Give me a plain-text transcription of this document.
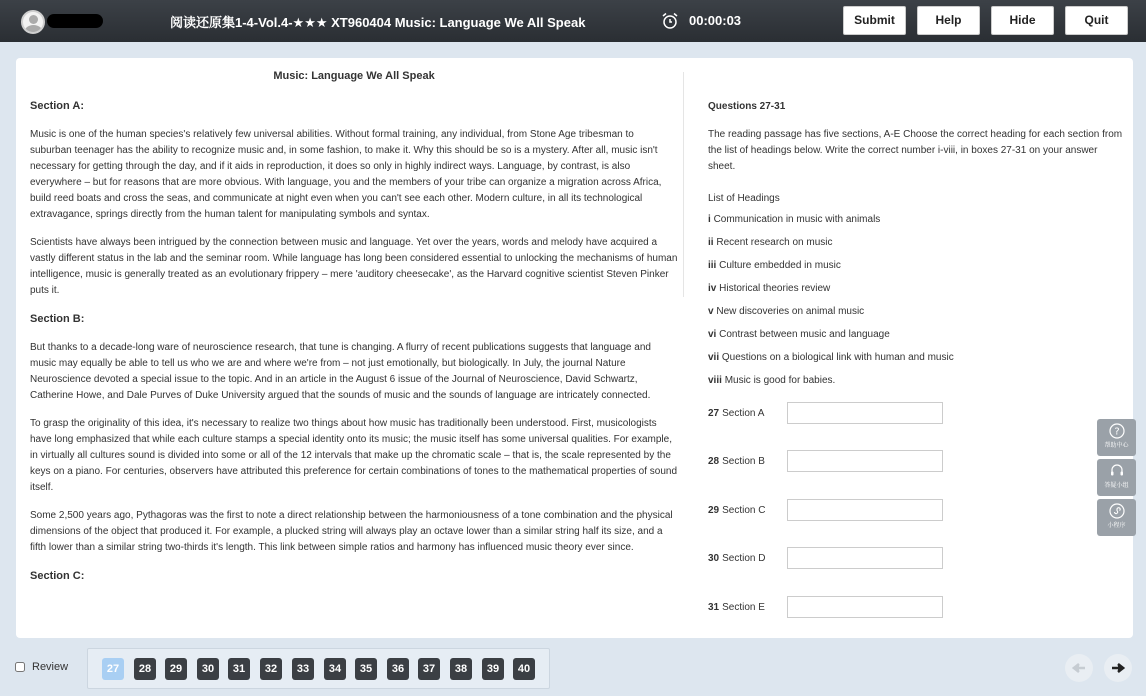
阅读还原集1-4-Vol.4-★★★ XT960404 Music: Language We All Speak	00:00:03	Submit	Help	Hide	Quit
Music: Language We All Speak
Section A:
Music is one of the human species's relatively few universal abilities. Without formal training, any individual, from Stone Age tribesman to suburban teenager has the ability to recognize music and, in some fashion, to make it. Why this should be so is a mystery. After all, music isn't necessary for getting through the day, and if it aids in reproduction, it does so only in highly indirect ways. Language, by contrast, is also everywhere – but for reasons that are more obvious. With language, you and the members of your tribe can organize a migration across Africa, build reed boats and cross the seas, and communicate at night even when you can't see each other. Modern culture, in all its technological extravagance, springs directly from the human talent for manipulating symbols and syntax.
Scientists have always been intrigued by the connection between music and language. Yet over the years, words and melody have acquired a vastly different status in the lab and the seminar room. While language has long been considered essential to unlocking the mechanisms of human intelligence, music is generally treated as an evolutionary frippery – mere 'auditory cheesecake', as the Harvard cognitive scientist Steven Pinker puts it.
Section B:
But thanks to a decade-long ware of neuroscience research, that tune is changing. A flurry of recent publications suggests that language and music may equally be able to tell us who we are and where we're from – not just emotionally, but biologically. In July, the journal Nature Neuroscience devoted a special issue to the topic. And in an article in the August 6 issue of the Journal of Neuroscience, David Schwartz, Catherine Howe, and Dale Purves of Duke University argued that the sounds of music and the sounds of language are intricately connected.
To grasp the originality of this idea, it's necessary to realize two things about how music has traditionally been understood. First, musicologists have long emphasized that while each culture stamps a special identity onto its music; the music itself has some universal qualities. For example, in virtually all cultures sound is divided into some or all of the 12 intervals that make up the chromatic scale – that is, the scale represented by the keys on a piano. For centuries, observers have attributed this preference for certain combinations of tones to the mathematical properties of sound itself.
Some 2,500 years ago, Pythagoras was the first to note a direct relationship between the harmoniousness of a tone combination and the physical dimensions of the object that produced it. For example, a plucked string will always play an octave lower than a similar string half its size, and a fifth lower than a similar string two-thirds it's length. This link between simple ratios and harmony has influenced music theory ever since.
Section C:
Questions 27-31
The reading passage has five sections, A-E Choose the correct heading for each section from the list of headings below. Write the correct number i-viii, in boxes 27-31 on your answer sheet.
List of Headings
i Communication in music with animals
ii Recent research on music
iii Culture embedded in music
iv Historical theories review
v New discoveries on animal music
vi Contrast between music and language
vii Questions on a biological link with human and music
viii Music is good for babies.
27 Section A
28 Section B
29 Section C
30 Section D
31 Section E
?
帮助中心
答疑小组
小程序
Review	27	28	29	30	31	32	33	34	35	36	37	38	39	40
